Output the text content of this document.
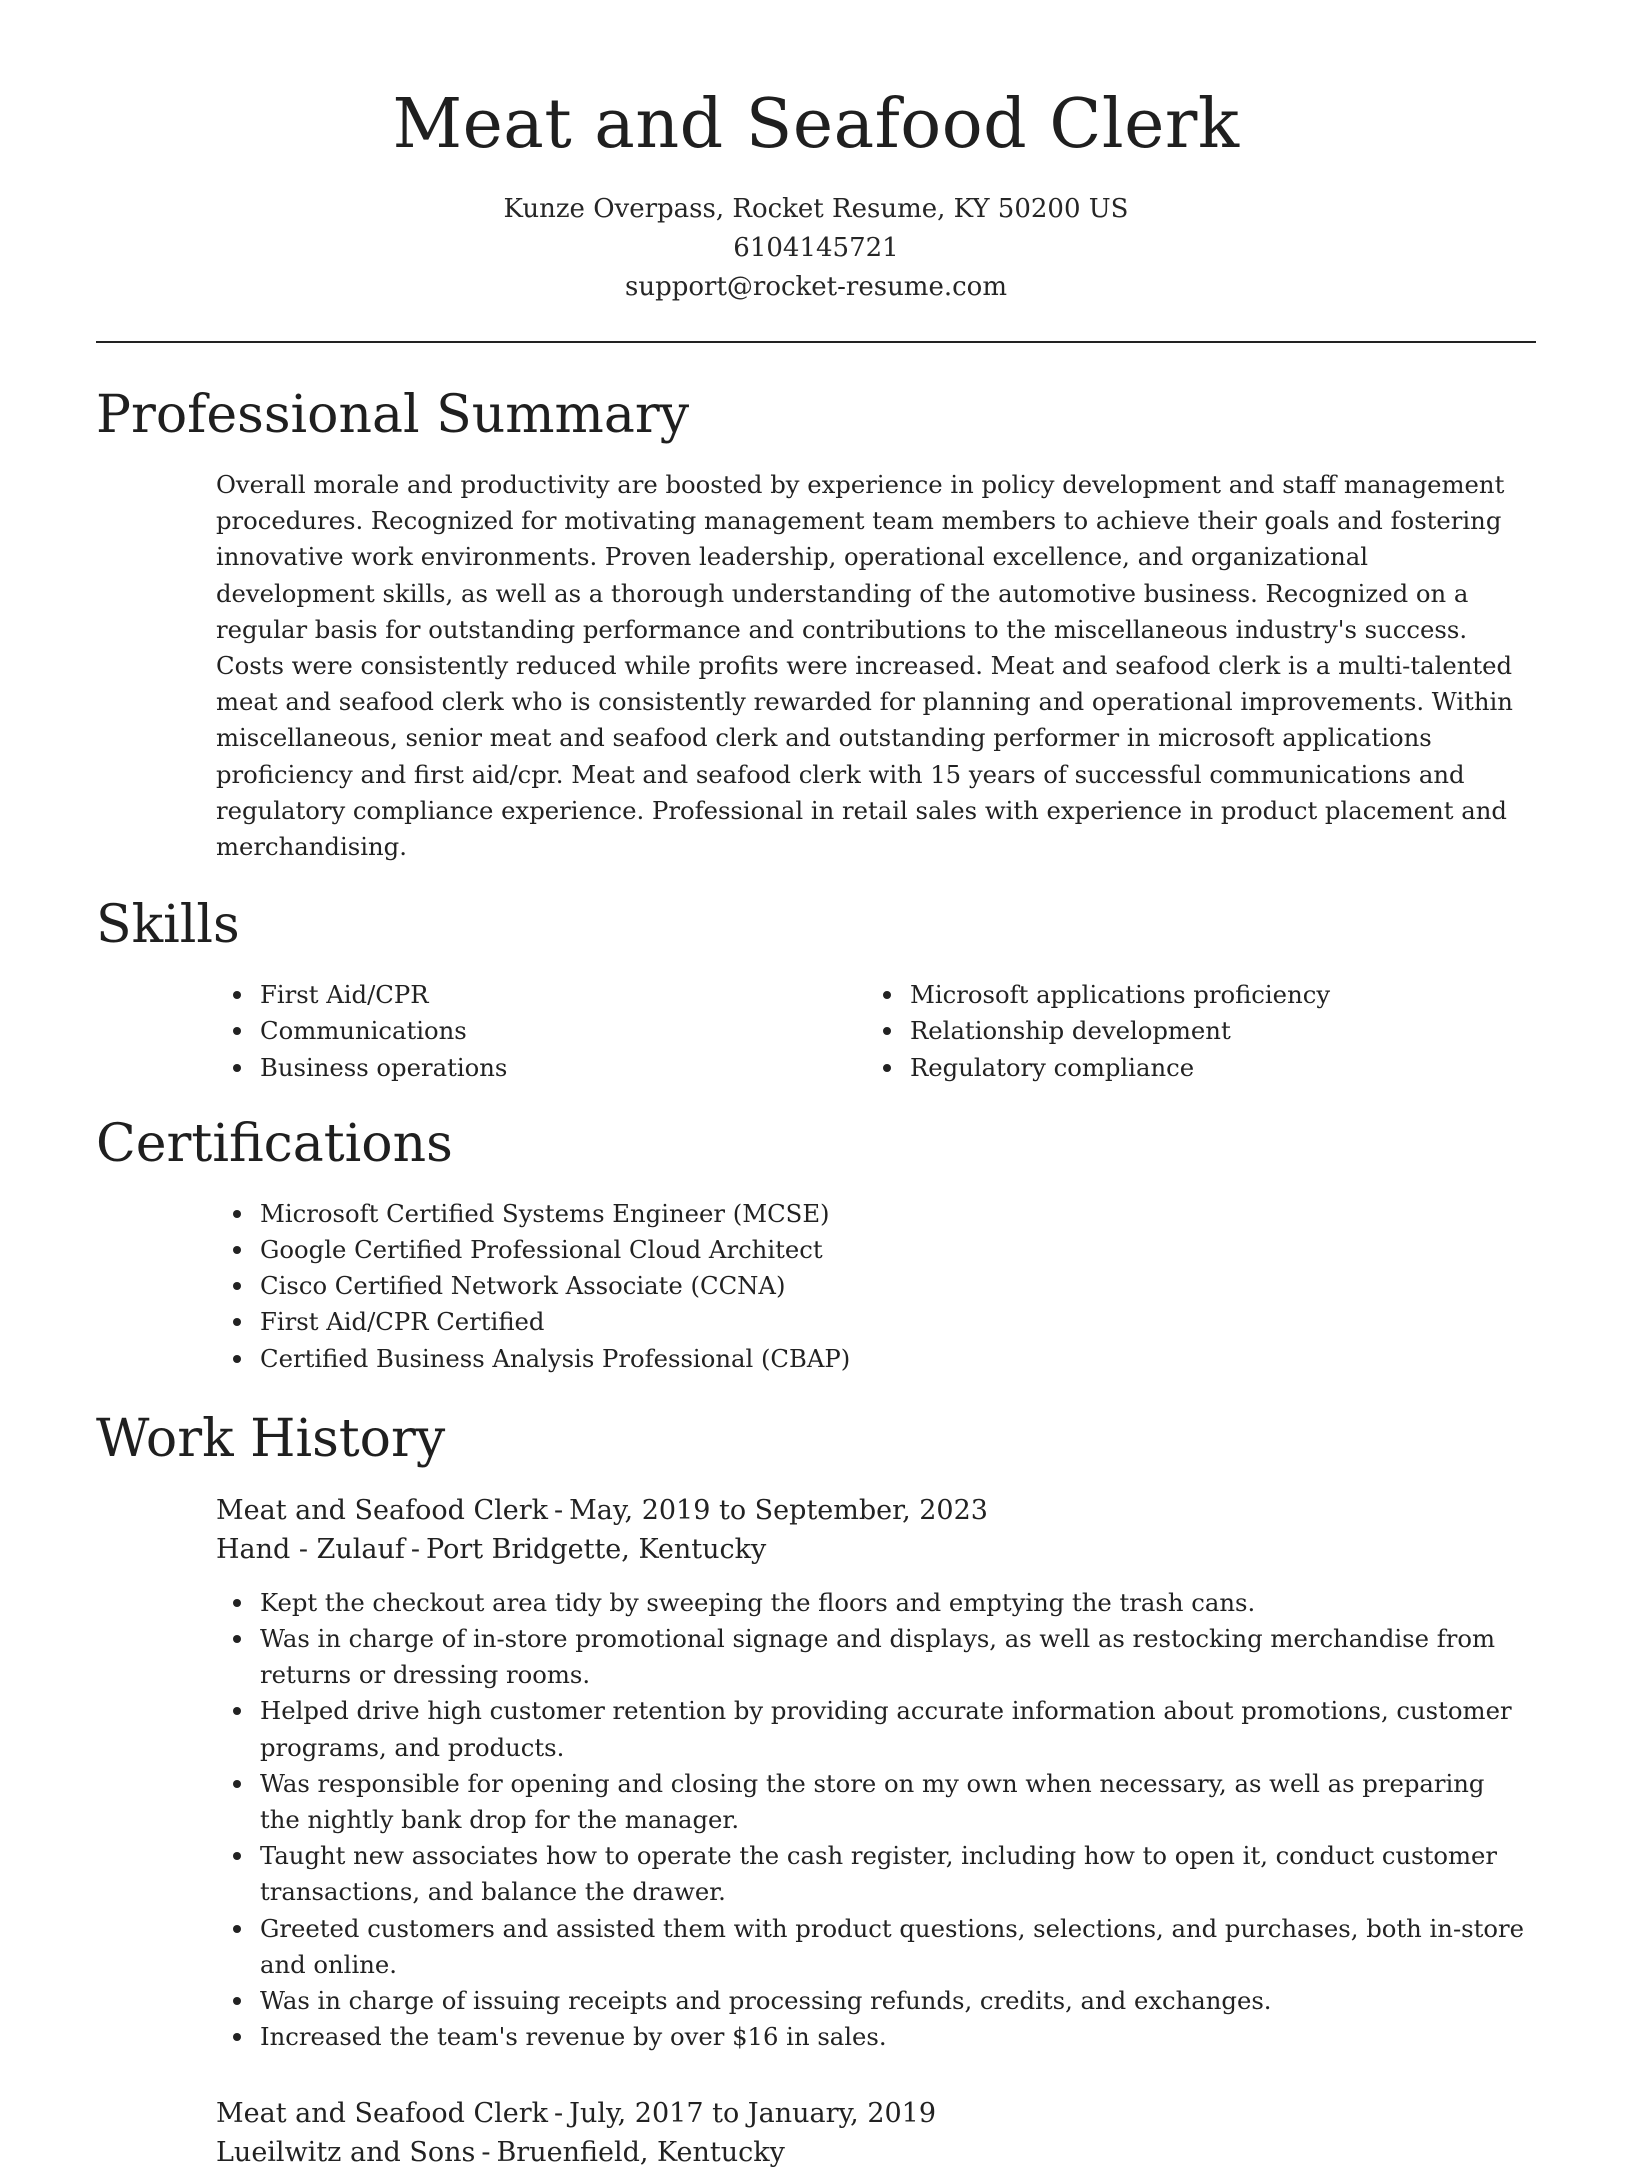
Meat and Seafood Clerk
Kunze Overpass, Rocket Resume, KY 50200 US
6104145721
support@rocket-resume.com
Professional Summary

Overall morale and productivity are boosted by experience in policy development and staff management procedures. Recognized for motivating management team members to achieve their goals and fostering innovative work environments. Proven leadership, operational excellence, and organizational development skills, as well as a thorough understanding of the automotive business. Recognized on a regular basis for outstanding performance and contributions to the miscellaneous industry's success. Costs were consistently reduced while profits were increased. Meat and seafood clerk is a multi-talented meat and seafood clerk who is consistently rewarded for planning and operational improvements. Within miscellaneous, senior meat and seafood clerk and outstanding performer in microsoft applications proficiency and first aid/cpr. Meat and seafood clerk with 15 years of successful communications and regulatory compliance experience. Professional in retail sales with experience in product placement and merchandising.

Skills
First Aid/CPR
Communications
Business operations
Microsoft applications proficiency
Relationship development
Regulatory compliance
Certifications
Microsoft Certified Systems Engineer (MCSE)
Google Certified Professional Cloud Architect
Cisco Certified Network Associate (CCNA)
First Aid/CPR Certified
Certified Business Analysis Professional (CBAP)
Work History
Meat and Seafood Clerk - May, 2019 to September, 2023
Hand - Zulauf - Port Bridgette, Kentucky
Kept the checkout area tidy by sweeping the floors and emptying the trash cans.
Was in charge of in-store promotional signage and displays, as well as restocking merchandise from returns or dressing rooms.
Helped drive high customer retention by providing accurate information about promotions, customer programs, and products.
Was responsible for opening and closing the store on my own when necessary, as well as preparing the nightly bank drop for the manager.
Taught new associates how to operate the cash register, including how to open it, conduct customer transactions, and balance the drawer.
Greeted customers and assisted them with product questions, selections, and purchases, both in-store and online.
Was in charge of issuing receipts and processing refunds, credits, and exchanges.
Increased the team's revenue by over $16 in sales.
Meat and Seafood Clerk - July, 2017 to January, 2019
Lueilwitz and Sons - Bruenfield, Kentucky
